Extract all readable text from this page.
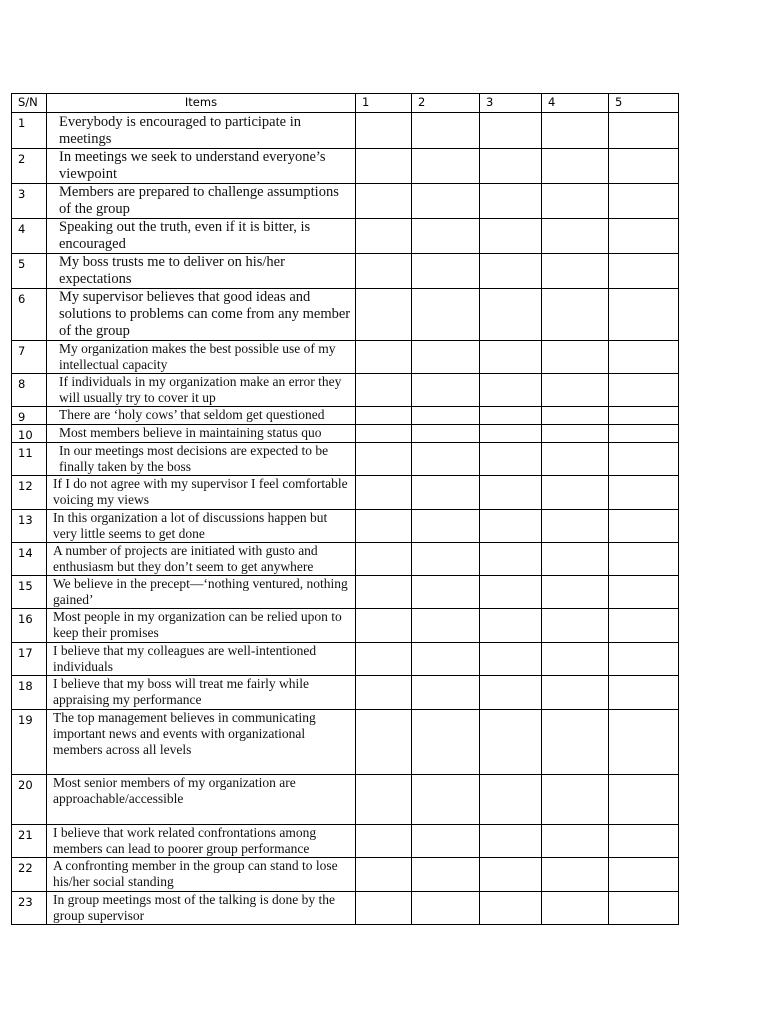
S/N	Items	1	2	3	4	5
1	Everybody is encouraged to participate in meetings					
2	In meetings we seek to understand everyone’s viewpoint					
3	Members are prepared to challenge assumptions of the group					
4	Speaking out the truth, even if it is bitter, is encouraged					
5	My boss trusts me to deliver on his/her expectations					
6	My supervisor believes that good ideas and solutions to problems can come from any member of the group					
7	My organization makes the best possible use of my intellectual capacity					
8	If individuals in my organization make an error they will usually try to cover it up					
9	There are ‘holy cows’ that seldom get questioned					
10	Most members believe in maintaining status quo					
11	In our meetings most decisions are expected to be finally taken by the boss					
12	If I do not agree with my supervisor I feel comfortable voicing my views					
13	In this organization a lot of discussions happen but very little seems to get done					
14	A number of projects are initiated with gusto and enthusiasm but they don’t seem to get anywhere					
15	We believe in the precept—‘nothing ventured, nothing gained’					
16	Most people in my organization can be relied upon to keep their promises					
17	I believe that my colleagues are well-intentioned individuals					
18	I believe that my boss will treat me fairly while appraising my performance					
19	The top management believes in communicating important news and events with organizational members across all levels					
20	Most senior members of my organization are approachable/accessible					
21	I believe that work related confrontations among members can lead to poorer group performance					
22	A confronting member in the group can stand to lose his/her social standing					
23	In group meetings most of the talking is done by the group supervisor					
